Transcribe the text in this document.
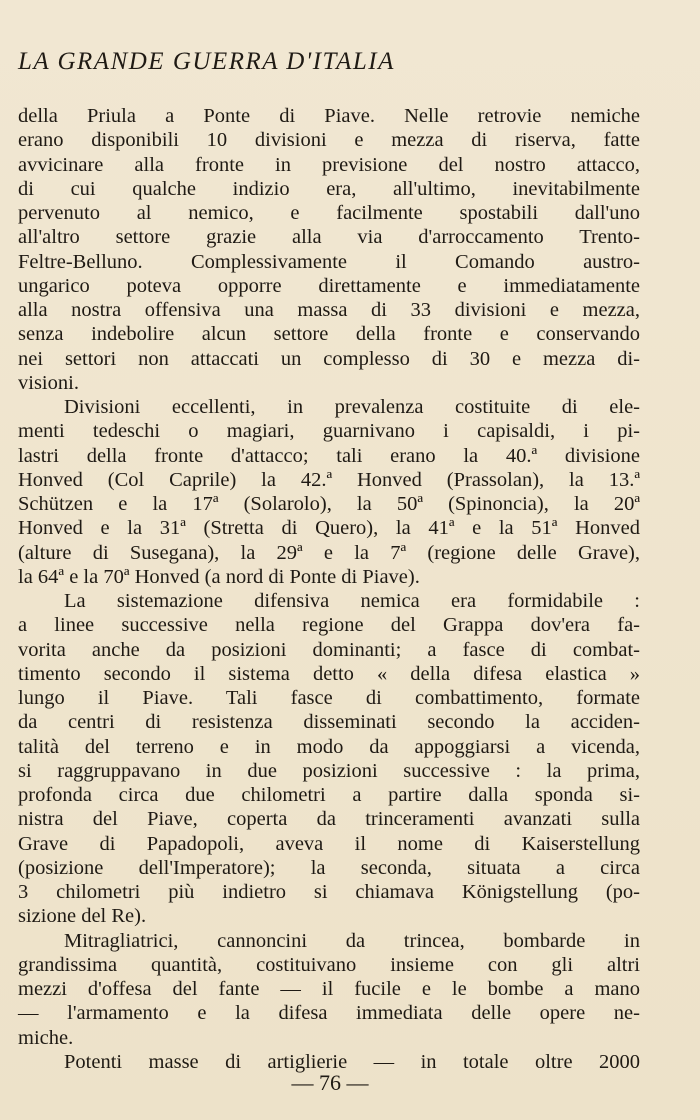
LA GRANDE GUERRA D'ITALIA
della Priula a Ponte di Piave. Nelle retrovie nemiche
erano disponibili 10 divisioni e mezza di riserva, fatte
avvicinare alla fronte in previsione del nostro attacco,
di cui qualche indizio era, all'ultimo, inevitabilmente
pervenuto al nemico, e facilmente spostabili dall'uno
all'altro settore grazie alla via d'arroccamento Trento-
Feltre-Belluno. Complessivamente il Comando austro-
ungarico poteva opporre direttamente e immediatamente
alla nostra offensiva una massa di 33 divisioni e mezza,
senza indebolire alcun settore della fronte e conservando
nei settori non attaccati un complesso di 30 e mezza di-
visioni.
Divisioni eccellenti, in prevalenza costituite di ele-
menti tedeschi o magiari, guarnivano i capisaldi, i pi-
lastri della fronte d'attacco; tali erano la 40.ª divisione
Honved (Col Caprile) la 42.ª Honved (Prassolan), la 13.ª
Schützen e la 17ª (Solarolo), la 50ª (Spinoncia), la 20ª
Honved e la 31ª (Stretta di Quero), la 41ª e la 51ª Honved
(alture di Susegana), la 29ª e la 7ª (regione delle Grave),
la 64ª e la 70ª Honved (a nord di Ponte di Piave).
La sistemazione difensiva nemica era formidabile :
a linee successive nella regione del Grappa dov'era fa-
vorita anche da posizioni dominanti; a fasce di combat-
timento secondo il sistema detto « della difesa elastica »
lungo il Piave. Tali fasce di combattimento, formate
da centri di resistenza disseminati secondo la acciden-
talità del terreno e in modo da appoggiarsi a vicenda,
si raggruppavano in due posizioni successive : la prima,
profonda circa due chilometri a partire dalla sponda si-
nistra del Piave, coperta da trinceramenti avanzati sulla
Grave di Papadopoli, aveva il nome di Kaiserstellung
(posizione dell'Imperatore); la seconda, situata a circa
3 chilometri più indietro si chiamava Königstellung (po-
sizione del Re).
Mitragliatrici, cannoncini da trincea, bombarde in
grandissima quantità, costituivano insieme con gli altri
mezzi d'offesa del fante — il fucile e le bombe a mano
— l'armamento e la difesa immediata delle opere ne-
miche.
Potenti masse di artiglierie — in totale oltre 2000
— 76 —
